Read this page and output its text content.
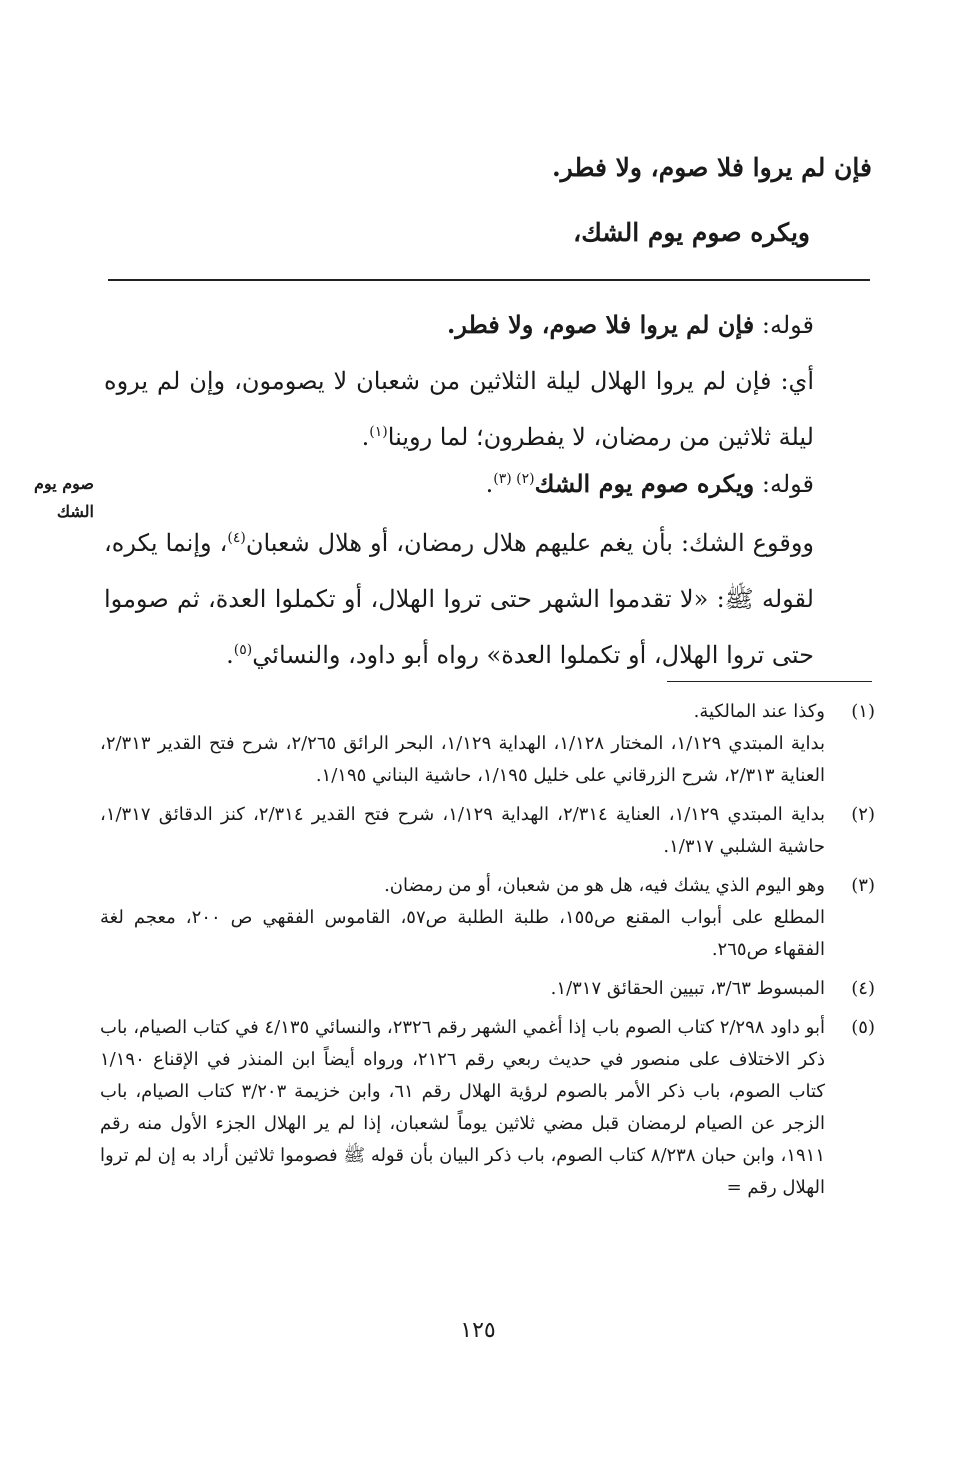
فإن لم يروا فلا صوم، ولا فطر.
ويكره صوم يوم الشك،
قوله: فإن لم يروا فلا صوم، ولا فطر.
أي: فإن لم يروا الهلال ليلة الثلاثين من شعبان لا يصومون، وإن لم يروه ليلة ثلاثين من رمضان، لا يفطرون؛ لما روينا$^{(١)}$.
قوله: ويكره صوم يوم الشك$^{(٢) (٣)}$.
صوم يوم الشك
ووقوع الشك: بأن يغم عليهم هلال رمضان، أو هلال شعبان$^{(٤)}$، وإنما يكره، لقوله ﷺ: «لا تقدموا الشهر حتى تروا الهلال، أو تكملوا العدة، ثم صوموا حتى تروا الهلال، أو تكملوا العدة» رواه أبو داود، والنسائي$^{(٥)}$.
(١)
وكذا عند المالكية.
بداية المبتدي ١/١٢٩، المختار ١/١٢٨، الهداية ١/١٢٩، البحر الرائق ٢/٢٦٥، شرح فتح القدير ٢/٣١٣، العناية ٢/٣١٣، شرح الزرقاني على خليل ١/١٩٥، حاشية البناني ١/١٩٥.
(٢)
بداية المبتدي ١/١٢٩، العناية ٢/٣١٤، الهداية ١/١٢٩، شرح فتح القدير ٢/٣١٤، كنز الدقائق ١/٣١٧، حاشية الشلبي ١/٣١٧.
(٣)
وهو اليوم الذي يشك فيه، هل هو من شعبان، أو من رمضان.
المطلع على أبواب المقنع ص١٥٥، طلبة الطلبة ص٥٧، القاموس الفقهي ص ٢٠٠، معجم لغة الفقهاء ص٢٦٥.
(٤)
المبسوط ٣/٦٣، تبيين الحقائق ١/٣١٧.
(٥)
أبو داود ٢/٢٩٨ كتاب الصوم باب إذا أغمي الشهر رقم ٢٣٢٦، والنسائي ٤/١٣٥ في كتاب الصيام، باب ذكر الاختلاف على منصور في حديث ربعي رقم ٢١٢٦، ورواه أيضاً ابن المنذر في الإقناع ١/١٩٠ كتاب الصوم، باب ذكر الأمر بالصوم لرؤية الهلال رقم ٦١، وابن خزيمة ٣/٢٠٣ كتاب الصيام، باب الزجر عن الصيام لرمضان قبل مضي ثلاثين يوماً لشعبان، إذا لم ير الهلال الجزء الأول منه رقم ١٩١١، وابن حبان ٨/٢٣٨ كتاب الصوم، باب ذكر البيان بأن قوله ﷺ فصوموا ثلاثين أراد به إن لم تروا الهلال رقم =
١٢٥
